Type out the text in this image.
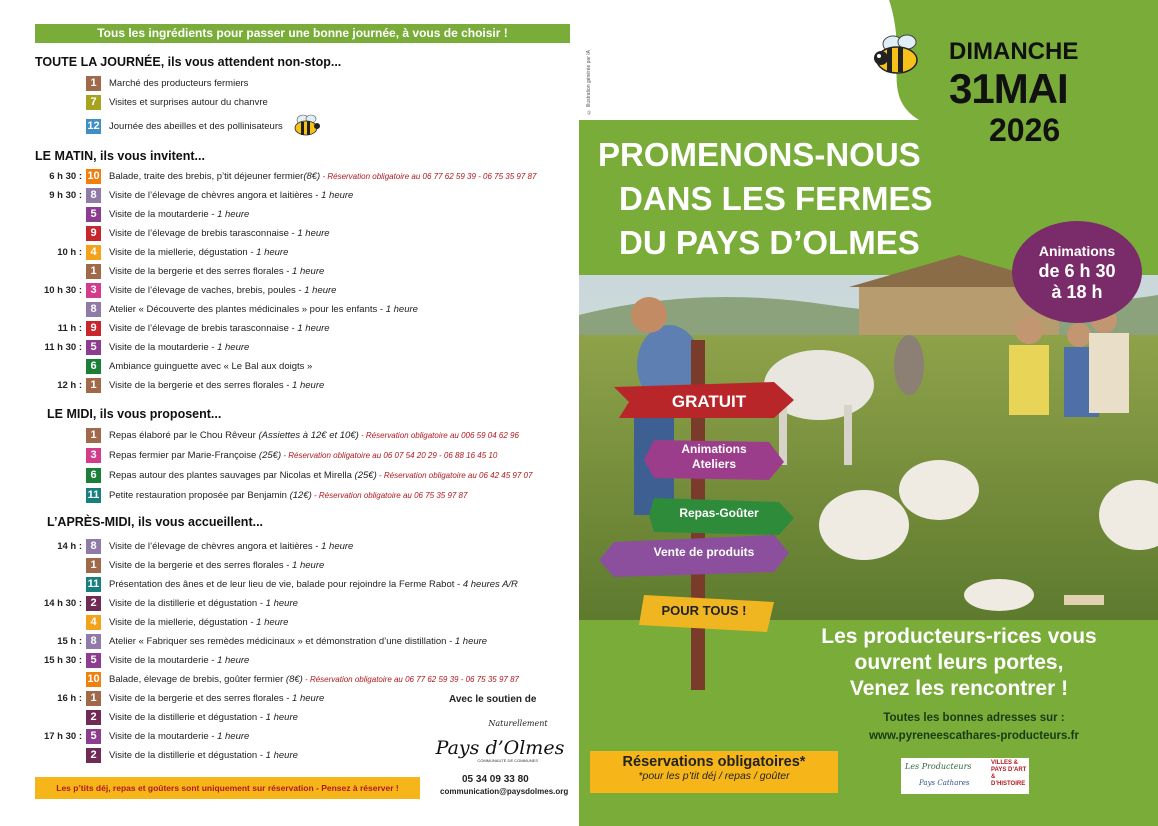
Tous les ingrédients pour passer une bonne journée, à vous de choisir !
TOUTE LA JOURNÉE, ils vous attendent non-stop...
LE MATIN, ils vous invitent...
LE MIDI, ils vous proposent...
L’APRÈS-MIDI, ils vous accueillent...
1	Marché des producteurs fermiers
7	Visites et surprises autour du chanvre
12 Journée des abeilles et des pollinisateurs
6 h 30 : 10 Balade, traite des brebis, p’tit déjeuner fermier(8€) - Réservation obligatoire au 06 77 62 59 39 - 06 75 35 97 87
9 h 30 : 8	Visite de l’élevage de chèvres angora et laitières - 1 heure
5	Visite de la moutarderie - 1 heure
9	Visite de l’élevage de brebis tarasconnaise - 1 heure
10 h : 4	Visite de la miellerie, dégustation - 1 heure
1	Visite de la bergerie et des serres florales - 1 heure
10 h 30 : 3	Visite de l’élevage de vaches, brebis, poules - 1 heure
8	Atelier « Découverte des plantes médicinales » pour les enfants - 1 heure
11 h : 9	Visite de l’élevage de brebis tarasconnaise - 1 heure
11 h 30 : 5	Visite de la moutarderie - 1 heure
6	Ambiance guinguette avec « Le Bal aux doigts »
12 h : 1	Visite de la bergerie et des serres florales - 1 heure
1	Repas élaboré par le Chou Rêveur (Assiettes à 12€ et 10€) - Réservation obligatoire au 006 59 04 62 96
3	Repas fermier par Marie-Françoise (25€) - Réservation obligatoire au 06 07 54 20 29 - 06 88 16 45 10
6	Repas autour des plantes sauvages par Nicolas et Mirella (25€) - Réservation obligatoire au 06 42 45 97 07
11 Petite restauration proposée par Benjamin (12€) - Réservation obligatoire au 06 75 35 97 87
14 h : 8	Visite de l’élevage de chèvres angora et laitières - 1 heure
1	Visite de la bergerie et des serres florales - 1 heure
11 Présentation des ânes et de leur lieu de vie, balade pour rejoindre la Ferme Rabot - 4 heures A/R
14 h 30 : 2	Visite de la distillerie et dégustation - 1 heure
4	Visite de la miellerie, dégustation - 1 heure
15 h : 8	Atelier « Fabriquer ses remèdes médicinaux » et démonstration d’une distillation - 1 heure
15 h 30 : 5	Visite de la moutarderie - 1 heure
10 Balade, élevage de brebis, goûter fermier (8€) - Réservation obligatoire au 06 77 62 59 39 - 06 75 35 97 87
16 h : 1	Visite de la bergerie et des serres florales - 1 heure
2	Visite de la distillerie et dégustation - 1 heure
17 h 30 : 5	Visite de la moutarderie - 1 heure
2	Visite de la distillerie et dégustation - 1 heure
Avec le soutien de
Naturellement
Pays d’Olmes
COMMUNAUTÉ DE COMMUNES
05 34 09 33 80
communication@paysdolmes.org
Les p’tits déj, repas et goûters sont uniquement sur réservation - Pensez à réserver !
© Illustration générée par IA	DIMANCHE
31MAI
2026
PROMENONS-NOUS
DANS LES FERMES
DU PAYS D’OLMES	Animations
de 6 h 30
à 18 h
GRATUIT
Animations
Ateliers
Repas-Goûter
Vente de produits
POUR TOUS !
Les producteurs-rices vous
ouvrent leurs portes,
Venez les rencontrer !
Toutes les bonnes adresses sur :
www.pyreneescathares-producteurs.fr
Réservations obligatoires*
*pour les p’tit déj / repas / goûter
Les Producteurs
Pays Cathares
VILLES & PAYS D’ART & D’HISTOIRE
